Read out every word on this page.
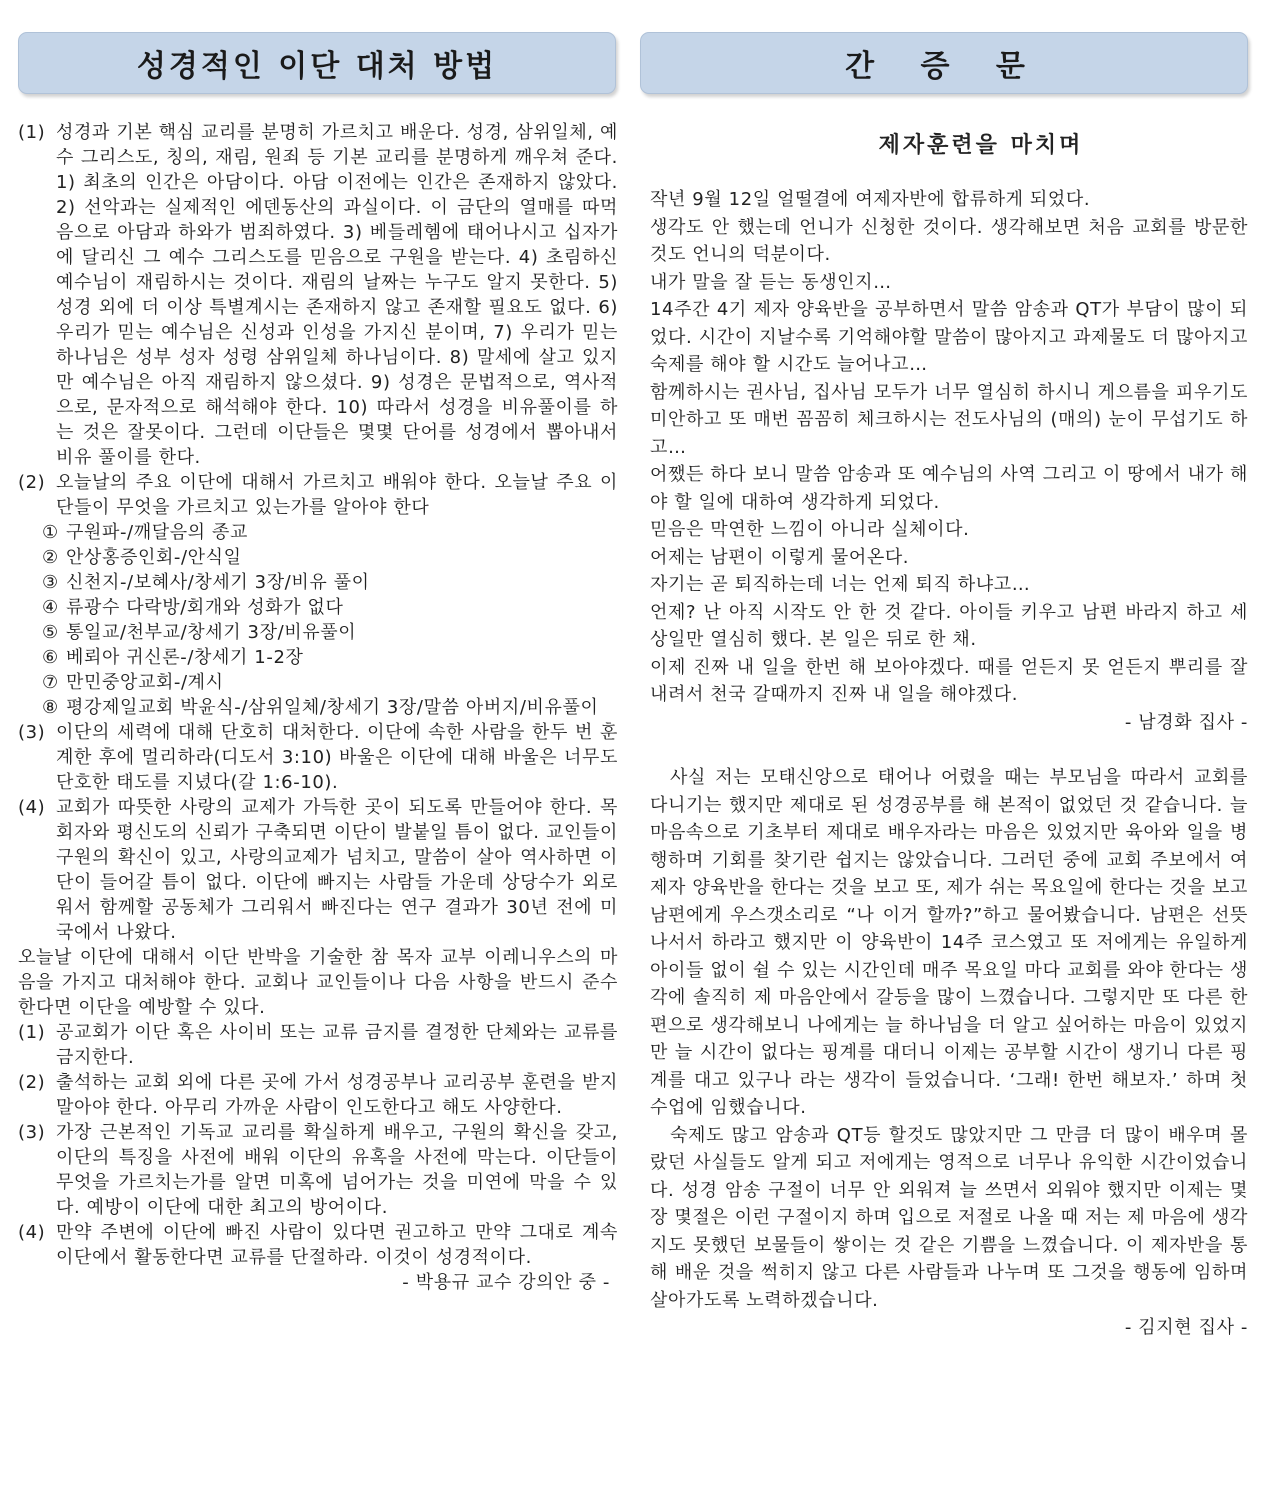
성경적인 이단 대처 방법
(1) 성경과 기본 핵심 교리를 분명히 가르치고 배운다. 성경, 삼위일체, 예수 그리스도, 칭의, 재림, 원죄 등 기본 교리를 분명하게 깨우쳐 준다. 1) 최초의 인간은 아담이다. 아담 이전에는 인간은 존재하지 않았다. 2) 선악과는 실제적인 에덴동산의 과실이다. 이 금단의 열매를 따먹음으로 아담과 하와가 범죄하였다. 3) 베들레헴에 태어나시고 십자가에 달리신 그 예수 그리스도를 믿음으로 구원을 받는다. 4) 초림하신 예수님이 재림하시는 것이다. 재림의 날짜는 누구도 알지 못한다. 5) 성경 외에 더 이상 특별계시는 존재하지 않고 존재할 필요도 없다. 6) 우리가 믿는 예수님은 신성과 인성을 가지신 분이며, 7) 우리가 믿는 하나님은 성부 성자 성령 삼위일체 하나님이다. 8) 말세에 살고 있지만 예수님은 아직 재림하지 않으셨다. 9) 성경은 문법적으로, 역사적으로, 문자적으로 해석해야 한다. 10) 따라서 성경을 비유풀이를 하는 것은 잘못이다. 그런데 이단들은 몇몇 단어를 성경에서 뽑아내서 비유 풀이를 한다.
(2) 오늘날의 주요 이단에 대해서 가르치고 배워야 한다. 오늘날 주요 이단들이 무엇을 가르치고 있는가를 알아야 한다
① 구원파-/깨달음의 종교
② 안상홍증인회-/안식일
③ 신천지-/보혜사/창세기 3장/비유 풀이
④ 류광수 다락방/회개와 성화가 없다
⑤ 통일교/천부교/창세기 3장/비유풀이
⑥ 베뢰아 귀신론-/창세기 1-2장
⑦ 만민중앙교회-/계시
⑧ 평강제일교회 박윤식-/삼위일체/창세기 3장/말씀 아버지/비유풀이
(3) 이단의 세력에 대해 단호히 대처한다. 이단에 속한 사람을 한두 번 훈계한 후에 멀리하라(디도서 3:10) 바울은 이단에 대해 바울은 너무도 단호한 태도를 지녔다(갈 1:6-10).
(4) 교회가 따뜻한 사랑의 교제가 가득한 곳이 되도록 만들어야 한다. 목회자와 평신도의 신뢰가 구축되면 이단이 발붙일 틈이 없다. 교인들이 구원의 확신이 있고, 사랑의교제가 넘치고, 말씀이 살아 역사하면 이단이 들어갈 틈이 없다. 이단에 빠지는 사람들 가운데 상당수가 외로워서 함께할 공동체가 그리워서 빠진다는 연구 결과가 30년 전에 미국에서 나왔다.

오늘날 이단에 대해서 이단 반박을 기술한 참 목자 교부 이레니우스의 마음을 가지고 대처해야 한다. 교회나 교인들이나 다음 사항을 반드시 준수한다면 이단을 예방할 수 있다.

(1) 공교회가 이단 혹은 사이비 또는 교류 금지를 결정한 단체와는 교류를 금지한다.
(2) 출석하는 교회 외에 다른 곳에 가서 성경공부나 교리공부 훈련을 받지 말아야 한다. 아무리 가까운 사람이 인도한다고 해도 사양한다.
(3) 가장 근본적인 기독교 교리를 확실하게 배우고, 구원의 확신을 갖고, 이단의 특징을 사전에 배워 이단의 유혹을 사전에 막는다. 이단들이 무엇을 가르치는가를 알면 미혹에 넘어가는 것을 미연에 막을 수 있다. 예방이 이단에 대한 최고의 방어이다.
(4) 만약 주변에 이단에 빠진 사람이 있다면 권고하고 만약 그대로 계속 이단에서 활동한다면 교류를 단절하라. 이것이 성경적이다.

- 박용규 교수 강의안 중 -

간 증 문
제자훈련을 마치며

작년 9월 12일 얼떨결에 여제자반에 합류하게 되었다.

생각도 안 했는데 언니가 신청한 것이다. 생각해보면 처음 교회를 방문한 것도 언니의 덕분이다.

내가 말을 잘 듣는 동생인지…

14주간 4기 제자 양육반을 공부하면서 말씀 암송과 QT가 부담이 많이 되었다. 시간이 지날수록 기억해야할 말씀이 많아지고 과제물도 더 많아지고 숙제를 해야 할 시간도 늘어나고…

함께하시는 권사님, 집사님 모두가 너무 열심히 하시니 게으름을 피우기도 미안하고 또 매번 꼼꼼히 체크하시는 전도사님의 (매의) 눈이 무섭기도 하고…

어쨌든 하다 보니 말씀 암송과 또 예수님의 사역 그리고 이 땅에서 내가 해야 할 일에 대하여 생각하게 되었다.

믿음은 막연한 느낌이 아니라 실체이다.

어제는 남편이 이렇게 물어온다.

자기는 곧 퇴직하는데 너는 언제 퇴직 하냐고…

언제? 난 아직 시작도 안 한 것 같다. 아이들 키우고 남편 바라지 하고 세상일만 열심히 했다. 본 일은 뒤로 한 채.

이제 진짜 내 일을 한번 해 보아야겠다. 때를 얻든지 못 얻든지 뿌리를 잘 내려서 천국 갈때까지 진짜 내 일을 해야겠다.

- 남경화 집사 -

사실 저는 모태신앙으로 태어나 어렸을 때는 부모님을 따라서 교회를 다니기는 했지만 제대로 된 성경공부를 해 본적이 없었던 것 같습니다. 늘 마음속으로 기초부터 제대로 배우자라는 마음은 있었지만 육아와 일을 병행하며 기회를 찾기란 쉽지는 않았습니다. 그러던 중에 교회 주보에서 여제자 양육반을 한다는 것을 보고 또, 제가 쉬는 목요일에 한다는 것을 보고 남편에게 우스갯소리로 “나 이거 할까?”하고 물어봤습니다. 남편은 선뜻 나서서 하라고 했지만 이 양육반이 14주 코스였고 또 저에게는 유일하게 아이들 없이 쉴 수 있는 시간인데 매주 목요일 마다 교회를 와야 한다는 생각에 솔직히 제 마음안에서 갈등을 많이 느꼈습니다. 그렇지만 또 다른 한편으로 생각해보니 나에게는 늘 하나님을 더 알고 싶어하는 마음이 있었지만 늘 시간이 없다는 핑계를 대더니 이제는 공부할 시간이 생기니 다른 핑계를 대고 있구나 라는 생각이 들었습니다. ‘그래! 한번 해보자.’ 하며 첫 수업에 임했습니다.

숙제도 많고 암송과 QT등 할것도 많았지만 그 만큼 더 많이 배우며 몰랐던 사실들도 알게 되고 저에게는 영적으로 너무나 유익한 시간이었습니다. 성경 암송 구절이 너무 안 외워져 늘 쓰면서 외워야 했지만 이제는 몇장 몇절은 이런 구절이지 하며 입으로 저절로 나올 때 저는 제 마음에 생각지도 못했던 보물들이 쌓이는 것 같은 기쁨을 느꼈습니다. 이 제자반을 통해 배운 것을 썩히지 않고 다른 사람들과 나누며 또 그것을 행동에 임하며 살아가도록 노력하겠습니다.

- 김지현 집사 -
